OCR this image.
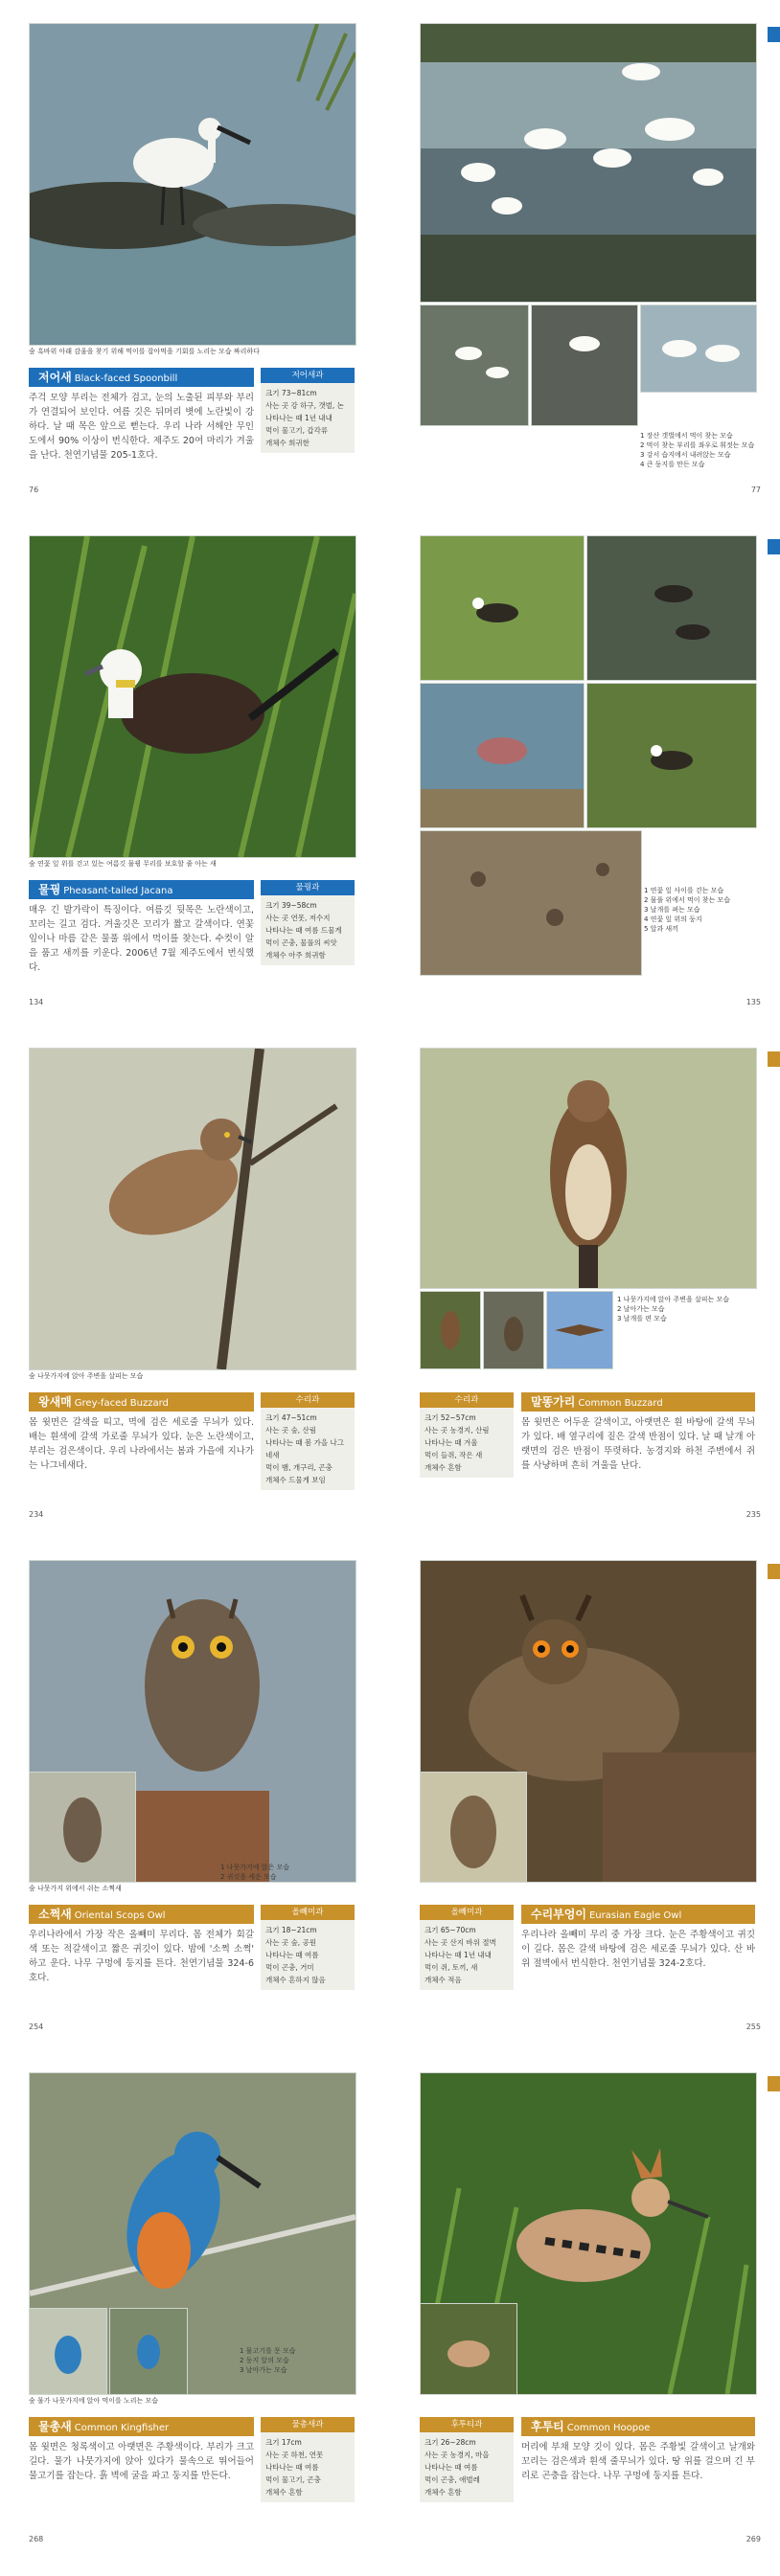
숲 흑바위 아래 감울을 찾기 위해 먹이를 잡아먹을 기회를 노리는 모습 짜리하다
저어새 Black-faced Spoonbill
주걱 모양 부리는 전체가 검고, 눈의 노출된 피부와 부리가 연결되어 보인다. 여름 깃은 뒤머리 볏에 노란빛이 강하다. 날 때 목은 앞으로 뻗는다. 우리 나라 서해안 무인도에서 90% 이상이 번식한다. 제주도 20여 마리가 겨울을 난다. 천연기념물 205-1호다.
저어새과
크기 73~81cm
사는 곳 강 하구, 갯벌, 논
나타나는 때 1년 내내
먹이 물고기, 갑각류
개체수 희귀한
76
1 장산 갯벌에서 먹이 찾는 모습
2 먹이 찾는 부리를 좌우로 휘젓는 모습
3 강서 습지에서 내려앉는 모습
4 큰 둥지를 만든 모습
77
숲 연꽃 잎 위를 걷고 있는 여름깃 물꿩 무리를 보호할 줄 아는 새
물꿩 Pheasant-tailed Jacana
매우 긴 발가락이 특징이다. 여름깃 뒷목은 노란색이고, 꼬리는 길고 검다. 겨울깃은 꼬리가 짧고 갈색이다. 연꽃 잎이나 마름 같은 물풀 위에서 먹이를 찾는다. 수컷이 알을 품고 새끼를 키운다. 2006년 7월 제주도에서 번식했다.
물꿩과
크기 39~58cm
사는 곳 연못, 저수지
나타나는 때 여름 드물게
먹이 곤충, 물풀의 씨앗
개체수 아주 희귀함
134
1 연꽃 잎 사이를 걷는 모습
2 물풀 위에서 먹이 찾는 모습
3 날개를 펴는 모습
4 연꽃 잎 위의 둥지
5 알과 새끼
135
숲 나뭇가지에 앉아 주변을 살피는 모습
왕새매 Grey-faced Buzzard
몸 윗면은 갈색을 띠고, 멱에 검은 세로줄 무늬가 있다. 배는 흰색에 갈색 가로줄 무늬가 있다. 눈은 노란색이고, 부리는 검은색이다. 우리 나라에서는 봄과 가을에 지나가는 나그네새다.
수리과
크기 47~51cm
사는 곳 숲, 산림
나타나는 때 봄 가을 나그네새
먹이 뱀, 개구리, 곤충
개체수 드물게 보임
234
1 나뭇가지에 앉아 주변을 살피는 모습
2 날아가는 모습
3 날개를 편 모습
수리과
크기 52~57cm
사는 곳 농경지, 산림
나타나는 때 겨울
먹이 들쥐, 작은 새
개체수 흔함
말똥가리 Common Buzzard
몸 윗면은 어두운 갈색이고, 아랫면은 흰 바탕에 갈색 무늬가 있다. 배 옆구리에 짙은 갈색 반점이 있다. 날 때 날개 아랫면의 검은 반점이 뚜렷하다. 농경지와 하천 주변에서 쥐를 사냥하며 흔히 겨울을 난다.
235
1 나뭇가지에 앉은 모습
2 귀깃을 세운 모습
숲 나뭇가지 위에서 쉬는 소쩍새
소쩍새 Oriental Scops Owl
우리나라에서 가장 작은 올빼미 무리다. 몸 전체가 회갈색 또는 적갈색이고 짧은 귀깃이 있다. 밤에 '소쩍 소쩍' 하고 운다. 나무 구멍에 둥지를 튼다. 천연기념물 324-6호다.
올빼미과
크기 18~21cm
사는 곳 숲, 공원
나타나는 때 여름
먹이 곤충, 거미
개체수 흔하지 않음
254
올빼미과
크기 65~70cm
사는 곳 산지 바위 절벽
나타나는 때 1년 내내
먹이 쥐, 토끼, 새
개체수 적음
수리부엉이 Eurasian Eagle Owl
우리나라 올빼미 무리 중 가장 크다. 눈은 주황색이고 귀깃이 길다. 몸은 갈색 바탕에 검은 세로줄 무늬가 있다. 산 바위 절벽에서 번식한다. 천연기념물 324-2호다.
255
1 물고기를 문 모습
2 둥지 앞의 모습
3 날아가는 모습
숲 물가 나뭇가지에 앉아 먹이를 노리는 모습
물총새 Common Kingfisher
몸 윗면은 청록색이고 아랫면은 주황색이다. 부리가 크고 길다. 물가 나뭇가지에 앉아 있다가 물속으로 뛰어들어 물고기를 잡는다. 흙 벽에 굴을 파고 둥지를 만든다.
물총새과
크기 17cm
사는 곳 하천, 연못
나타나는 때 여름
먹이 물고기, 곤충
개체수 흔함
268
후투티과
크기 26~28cm
사는 곳 농경지, 마을
나타나는 때 여름
먹이 곤충, 애벌레
개체수 흔함
후투티 Common Hoopoe
머리에 부채 모양 깃이 있다. 몸은 주황빛 갈색이고 날개와 꼬리는 검은색과 흰색 줄무늬가 있다. 땅 위를 걸으며 긴 부리로 곤충을 잡는다. 나무 구멍에 둥지를 튼다.
269
